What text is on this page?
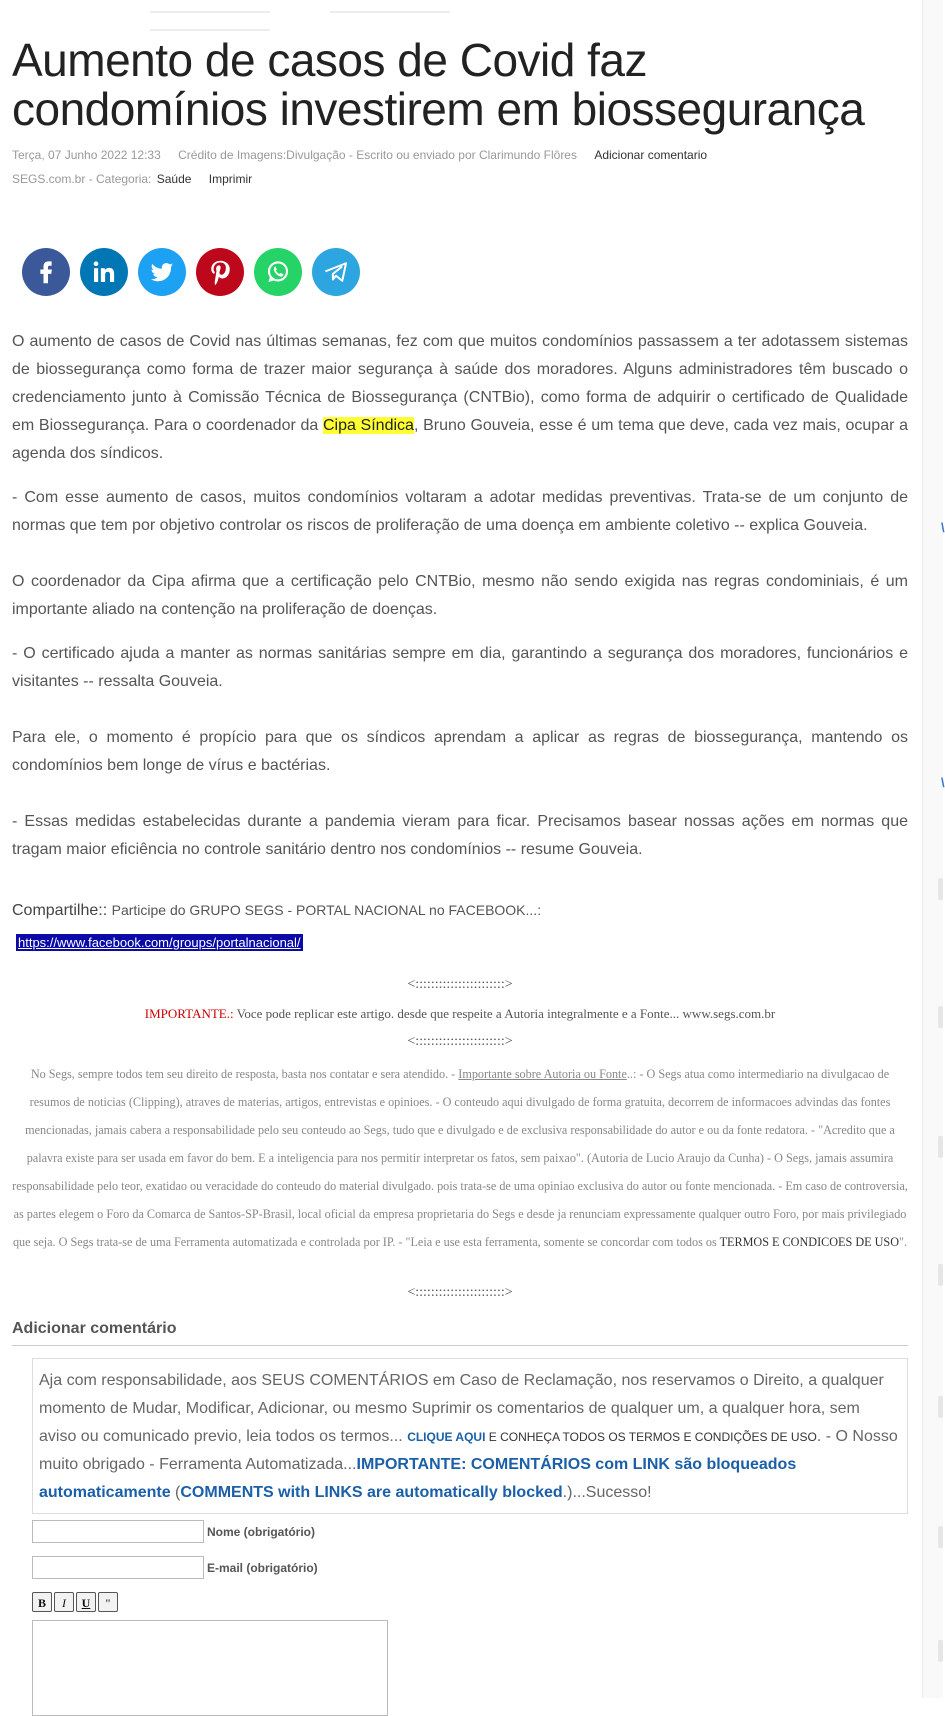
Aumento de casos de Covid faz condomínios investirem em biossegurança
Terça, 07 Junho 2022 12:33 Crédito de Imagens:Divulgação - Escrito ou enviado por Clarimundo Flôres Adicionar comentario
SEGS.com.br - Categoria: Saúde Imprimir

O aumento de casos de Covid nas últimas semanas, fez com que muitos condomínios passassem a ter adotassem sistemas de biossegurança como forma de trazer maior segurança à saúde dos moradores. Alguns administradores têm buscado o credenciamento junto à Comissão Técnica de Biossegurança (CNTBio), como forma de adquirir o certificado de Qualidade em Biossegurança. Para o coordenador da Cipa Síndica, Bruno Gouveia, esse é um tema que deve, cada vez mais, ocupar a agenda dos síndicos.

- Com esse aumento de casos, muitos condomínios voltaram a adotar medidas preventivas. Trata-se de um conjunto de normas que tem por objetivo controlar os riscos de proliferação de uma doença em ambiente coletivo -- explica Gouveia.
O coordenador da Cipa afirma que a certificação pelo CNTBio, mesmo não sendo exigida nas regras condominiais, é um importante aliado na contenção na proliferação de doenças.
- O certificado ajuda a manter as normas sanitárias sempre em dia, garantindo a segurança dos moradores, funcionários e visitantes -- ressalta Gouveia.
Para ele, o momento é propício para que os síndicos aprendam a aplicar as regras de biossegurança, mantendo os condomínios bem longe de vírus e bactérias.
- Essas medidas estabelecidas durante a pandemia vieram para ficar. Precisamos basear nossas ações em normas que tragam maior eficiência no controle sanitário dentro nos condomínios -- resume Gouveia.
Compartilhe:: Participe do GRUPO SEGS - PORTAL NACIONAL no FACEBOOK...:
https://www.facebook.com/groups/portalnacional/
<:::::::::::::::::::::::>
IMPORTANTE.: Voce pode replicar este artigo. desde que respeite a Autoria integralmente e a Fonte... www.segs.com.br
<:::::::::::::::::::::::>
No Segs, sempre todos tem seu direito de resposta, basta nos contatar e sera atendido. - Importante sobre Autoria ou Fonte..: - O Segs atua como intermediario na divulgacao de resumos de noticias (Clipping), atraves de materias, artigos, entrevistas e opinioes. - O conteudo aqui divulgado de forma gratuita, decorrem de informacoes advindas das fontes mencionadas, jamais cabera a responsabilidade pelo seu conteudo ao Segs, tudo que e divulgado e de exclusiva responsabilidade do autor e ou da fonte redatora. - "Acredito que a palavra existe para ser usada em favor do bem. E a inteligencia para nos permitir interpretar os fatos, sem paixao". (Autoria de Lucio Araujo da Cunha) - O Segs, jamais assumira responsabilidade pelo teor, exatidao ou veracidade do conteudo do material divulgado. pois trata-se de uma opiniao exclusiva do autor ou fonte mencionada. - Em caso de controversia, as partes elegem o Foro da Comarca de Santos-SP-Brasil, local oficial da empresa proprietaria do Segs e desde ja renunciam expressamente qualquer outro Foro, por mais privilegiado que seja. O Segs trata-se de uma Ferramenta automatizada e controlada por IP. - "Leia e use esta ferramenta, somente se concordar com todos os TERMOS E CONDICOES DE USO".
<:::::::::::::::::::::::>
Adicionar comentário
Aja com responsabilidade, aos SEUS COMENTÁRIOS em Caso de Reclamação, nos reservamos o Direito, a qualquer momento de Mudar, Modificar, Adicionar, ou mesmo Suprimir os comentarios de qualquer um, a qualquer hora, sem aviso ou comunicado previo, leia todos os termos... CLIQUE AQUI E CONHEÇA TODOS OS TERMOS E CONDIÇÕES DE USO. - O Nosso muito obrigado - Ferramenta Automatizada...IMPORTANTE: COMENTÁRIOS com LINK são bloqueados automaticamente (COMMENTS with LINKS are automatically blocked.)...Sucesso!
Nome (obrigatório)
E-mail (obrigatório)
B I U "
\
\
